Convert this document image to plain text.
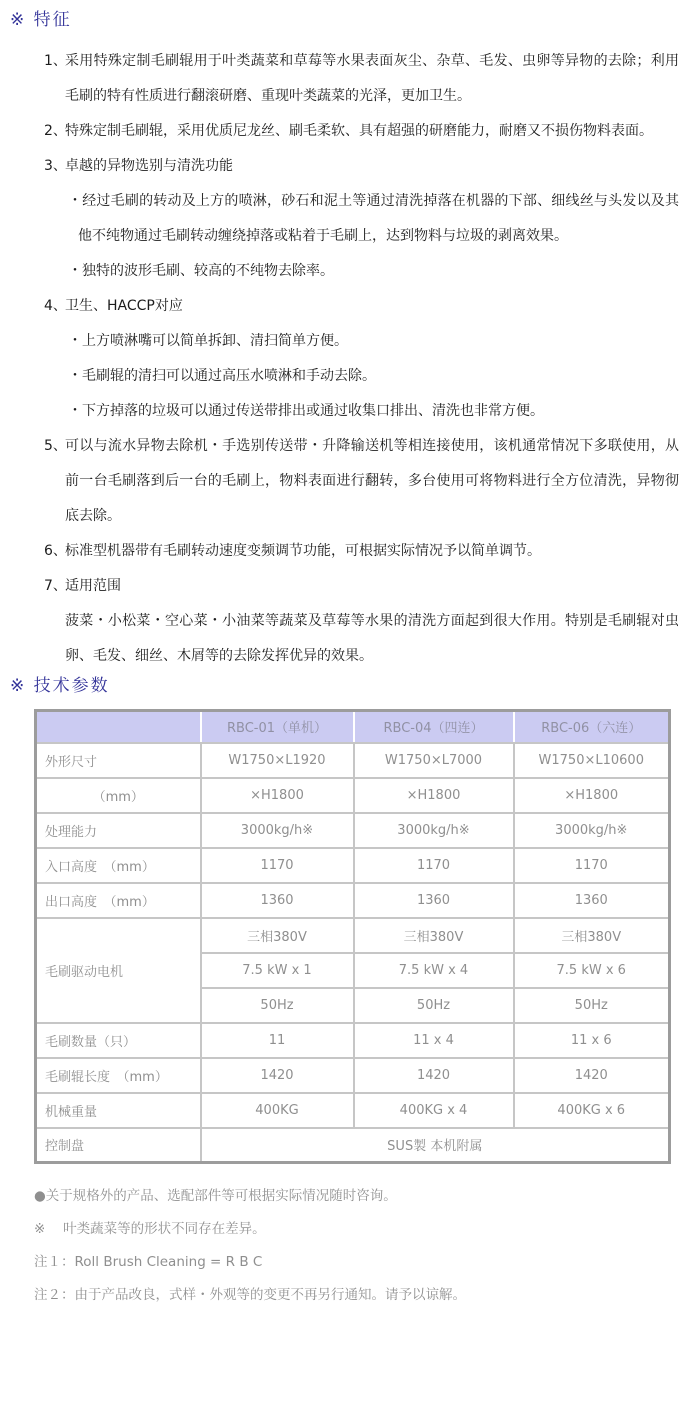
※ 特征
1、

采用特殊定制毛刷辊用于叶类蔬菜和草莓等水果表面灰尘、杂草、毛发、虫卵等异物的去除；利用毛刷的特有性质进行翻滚研磨、重现叶类蔬菜的光泽，更加卫生。

2、

特殊定制毛刷辊，采用优质尼龙丝、刷毛柔软、具有超强的研磨能力，耐磨又不损伤物料表面。

3、

卓越的异物选别与清洗功能

・经过毛刷的转动及上方的喷淋，砂石和泥土等通过清洗掉落在机器的下部、细线丝与头发以及其他不纯物通过毛刷转动缠绕掉落或粘着于毛刷上，达到物料与垃圾的剥离效果。

・独特的波形毛刷、较高的不纯物去除率。

4、

卫生、HACCP对应

・上方喷淋嘴可以简单拆卸、清扫简单方便。

・毛刷辊的清扫可以通过高压水喷淋和手动去除。

・下方掉落的垃圾可以通过传送带排出或通过收集口排出、清洗也非常方便。

5、

可以与流水异物去除机・手选别传送带・升降输送机等相连接使用，该机通常情况下多联使用，从前一台毛刷落到后一台的毛刷上，物料表面进行翻转，多台使用可将物料进行全方位清洗，异物彻底去除。

6、

标准型机器带有毛刷转动速度变频调节功能，可根据实际情况予以简单调节。

7、

适用范围

菠菜・小松菜・空心菜・小油菜等蔬菜及草莓等水果的清洗方面起到很大作用。特别是毛刷辊对虫卵、毛发、细丝、木屑等的去除发挥优异的效果。

※ 技术参数
	RBC-01（单机）	RBC-04（四连）	RBC-06（六连）
外形尺寸	W1750×L1920	W1750×L7000	W1750×L10600
（mm）	×H1800	×H1800	×H1800
处理能力	3000kg/h※	3000kg/h※	3000kg/h※
入口高度　（mm）	1170	1170	1170
出口高度　（mm）	1360	1360	1360
毛刷驱动电机	三相380V	三相380V	三相380V
	7.5 kW x 1	7.5 kW x 4	7.5 kW x 6
	50Hz	50Hz	50Hz
毛刷数量（只）	11	11 x 4	11 x 6
毛刷辊长度　（mm）	1420	1420	1420
机械重量	400KG	400KG x 4	400KG x 6
控制盘	SUS製 本机附属		

●关于规格外的产品、选配部件等可根据实际情况随时咨询。

※　 叶类蔬菜等的形状不同存在差异。

注１：Roll Brush Cleaning = R B C

注２：由于产品改良，式样・外观等的变更不再另行通知。请予以谅解。
